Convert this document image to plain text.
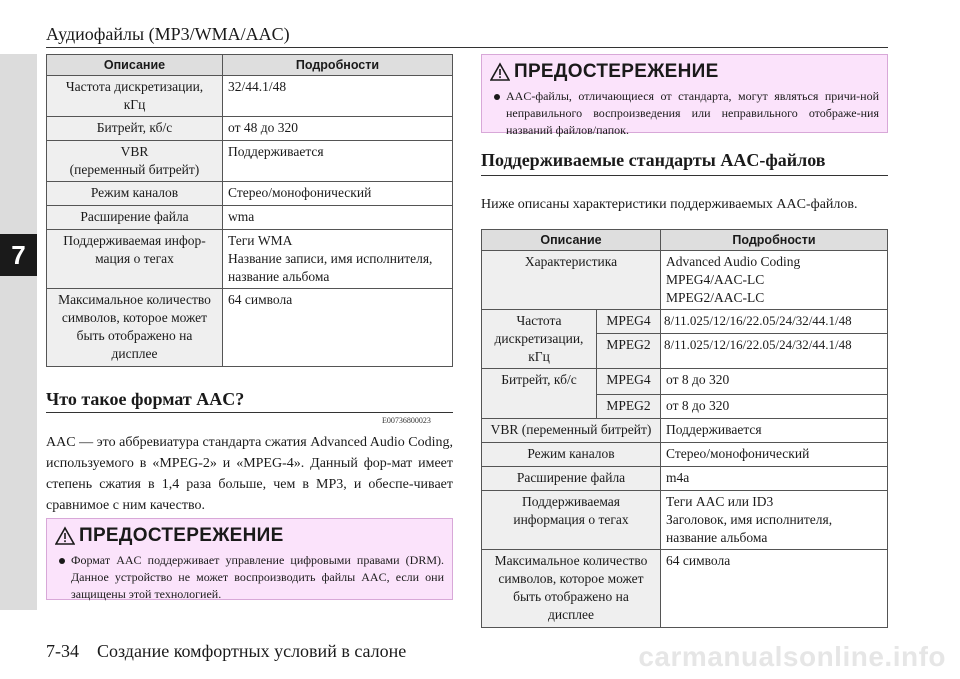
7
Аудиофайлы (MP3/WMA/AAC)
Описание	Подробности
Частота дискретизации,
кГц	32/44.1/48
Битрейт, кб/с	от 48 до 320
VBR
(переменный битрейт)	Поддерживается
Режим каналов	Стерео/монофонический
Расширение файла	wma
Поддерживаемая инфор-
мация о тегах	Теги WMA
Название записи, имя исполнителя,
название альбома
Максимальное количество
символов, которое может
быть отображено на
дисплее	64 символа
Что такое формат AAC?
E00736800023
AAC — это аббревиатура стандарта сжатия Advanced Audio Coding, используемого в «MPEG-2» и «MPEG-4». Данный фор-мат имеет степень сжатия в 1,4 раза больше, чем в MP3, и обеспе-чивает сравнимое с ним качество.
ПРЕДОСТЕРЕЖЕНИЕ
Формат AAC поддерживает управление цифровыми правами (DRM). Данное устройство не может воспроизводить файлы AAC, если они защищены этой технологией.
ПРЕДОСТЕРЕЖЕНИЕ
AAC-файлы, отличающиеся от стандарта, могут являться причи-ной неправильного воспроизведения или неправильного отображе-ния названий файлов/папок.
Поддерживаемые стандарты AAC-файлов
Ниже описаны характеристики поддерживаемых AAC-файлов.
Описание		Подробности
Характеристика		Advanced Audio Coding
MPEG4/AAC-LC
MPEG2/AAC-LC
Частота
дискретизации,
кГц	MPEG4	8/11.025/12/16/22.05/24/32/44.1/48
	MPEG2	8/11.025/12/16/22.05/24/32/44.1/48
Битрейт, кб/с	MPEG4	от 8 до 320
	MPEG2	от 8 до 320
VBR (переменный битрейт)		Поддерживается
Режим каналов		Стерео/монофонический
Расширение файла		m4a
Поддерживаемая
информация о тегах		Теги AAC или ID3
Заголовок, имя исполнителя,
название альбома
Максимальное количество
символов, которое может
быть отображено на
дисплее		64 символа
7-34    Создание комфортных условий в салоне	carmanualsonline.info
